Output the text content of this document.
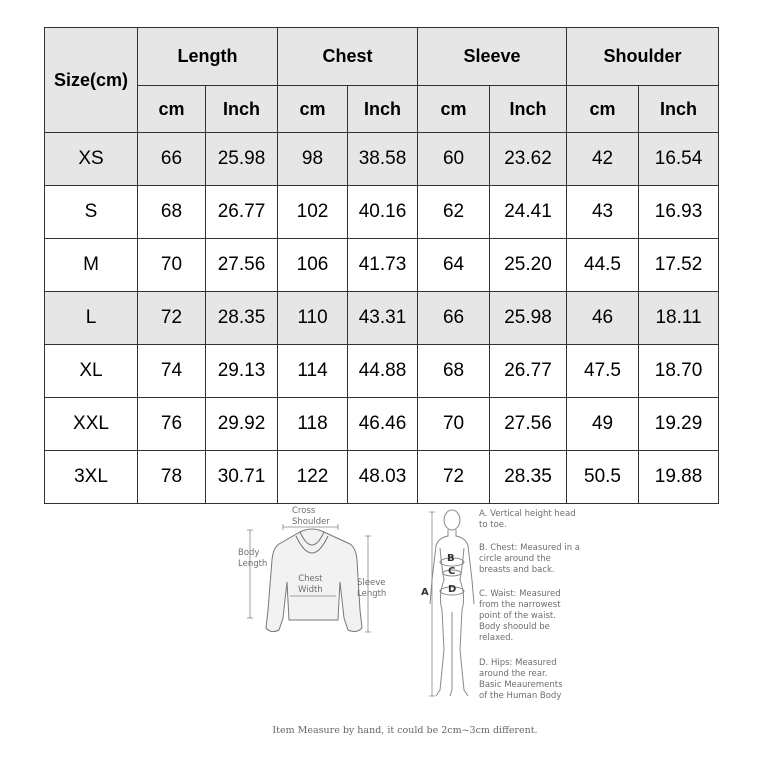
Size(cm)	Length		Chest		Sleeve		Shoulder	
	cm	Inch	cm	Inch	cm	Inch	cm	Inch
XS	66	25.98	98	38.58	60	23.62	42	16.54
S	68	26.77	102	40.16	62	24.41	43	16.93
M	70	27.56	106	41.73	64	25.20	44.5	17.52
L	72	28.35	110	43.31	66	25.98	46	18.11
XL	74	29.13	114	44.88	68	26.77	47.5	18.70
XXL	76	29.92	118	46.46	70	27.56	49	19.29
3XL	78	30.71	122	48.03	72	28.35	50.5	19.88
Cross
Shoulder
Body
Length
Chest
Width
Sleeve
Length	A
B
C
D
A. Vertical height head
to toe.
B. Chest: Measured in a
circle around the
breasts and back.
C. Waist: Measured
from the narrowest
point of the waist.
Body shoould be
relaxed.
D. Hips: Measured
around the rear.
Basic Meaurements
of the Human Body
Item Measure by hand, it could be 2cm~3cm different.
